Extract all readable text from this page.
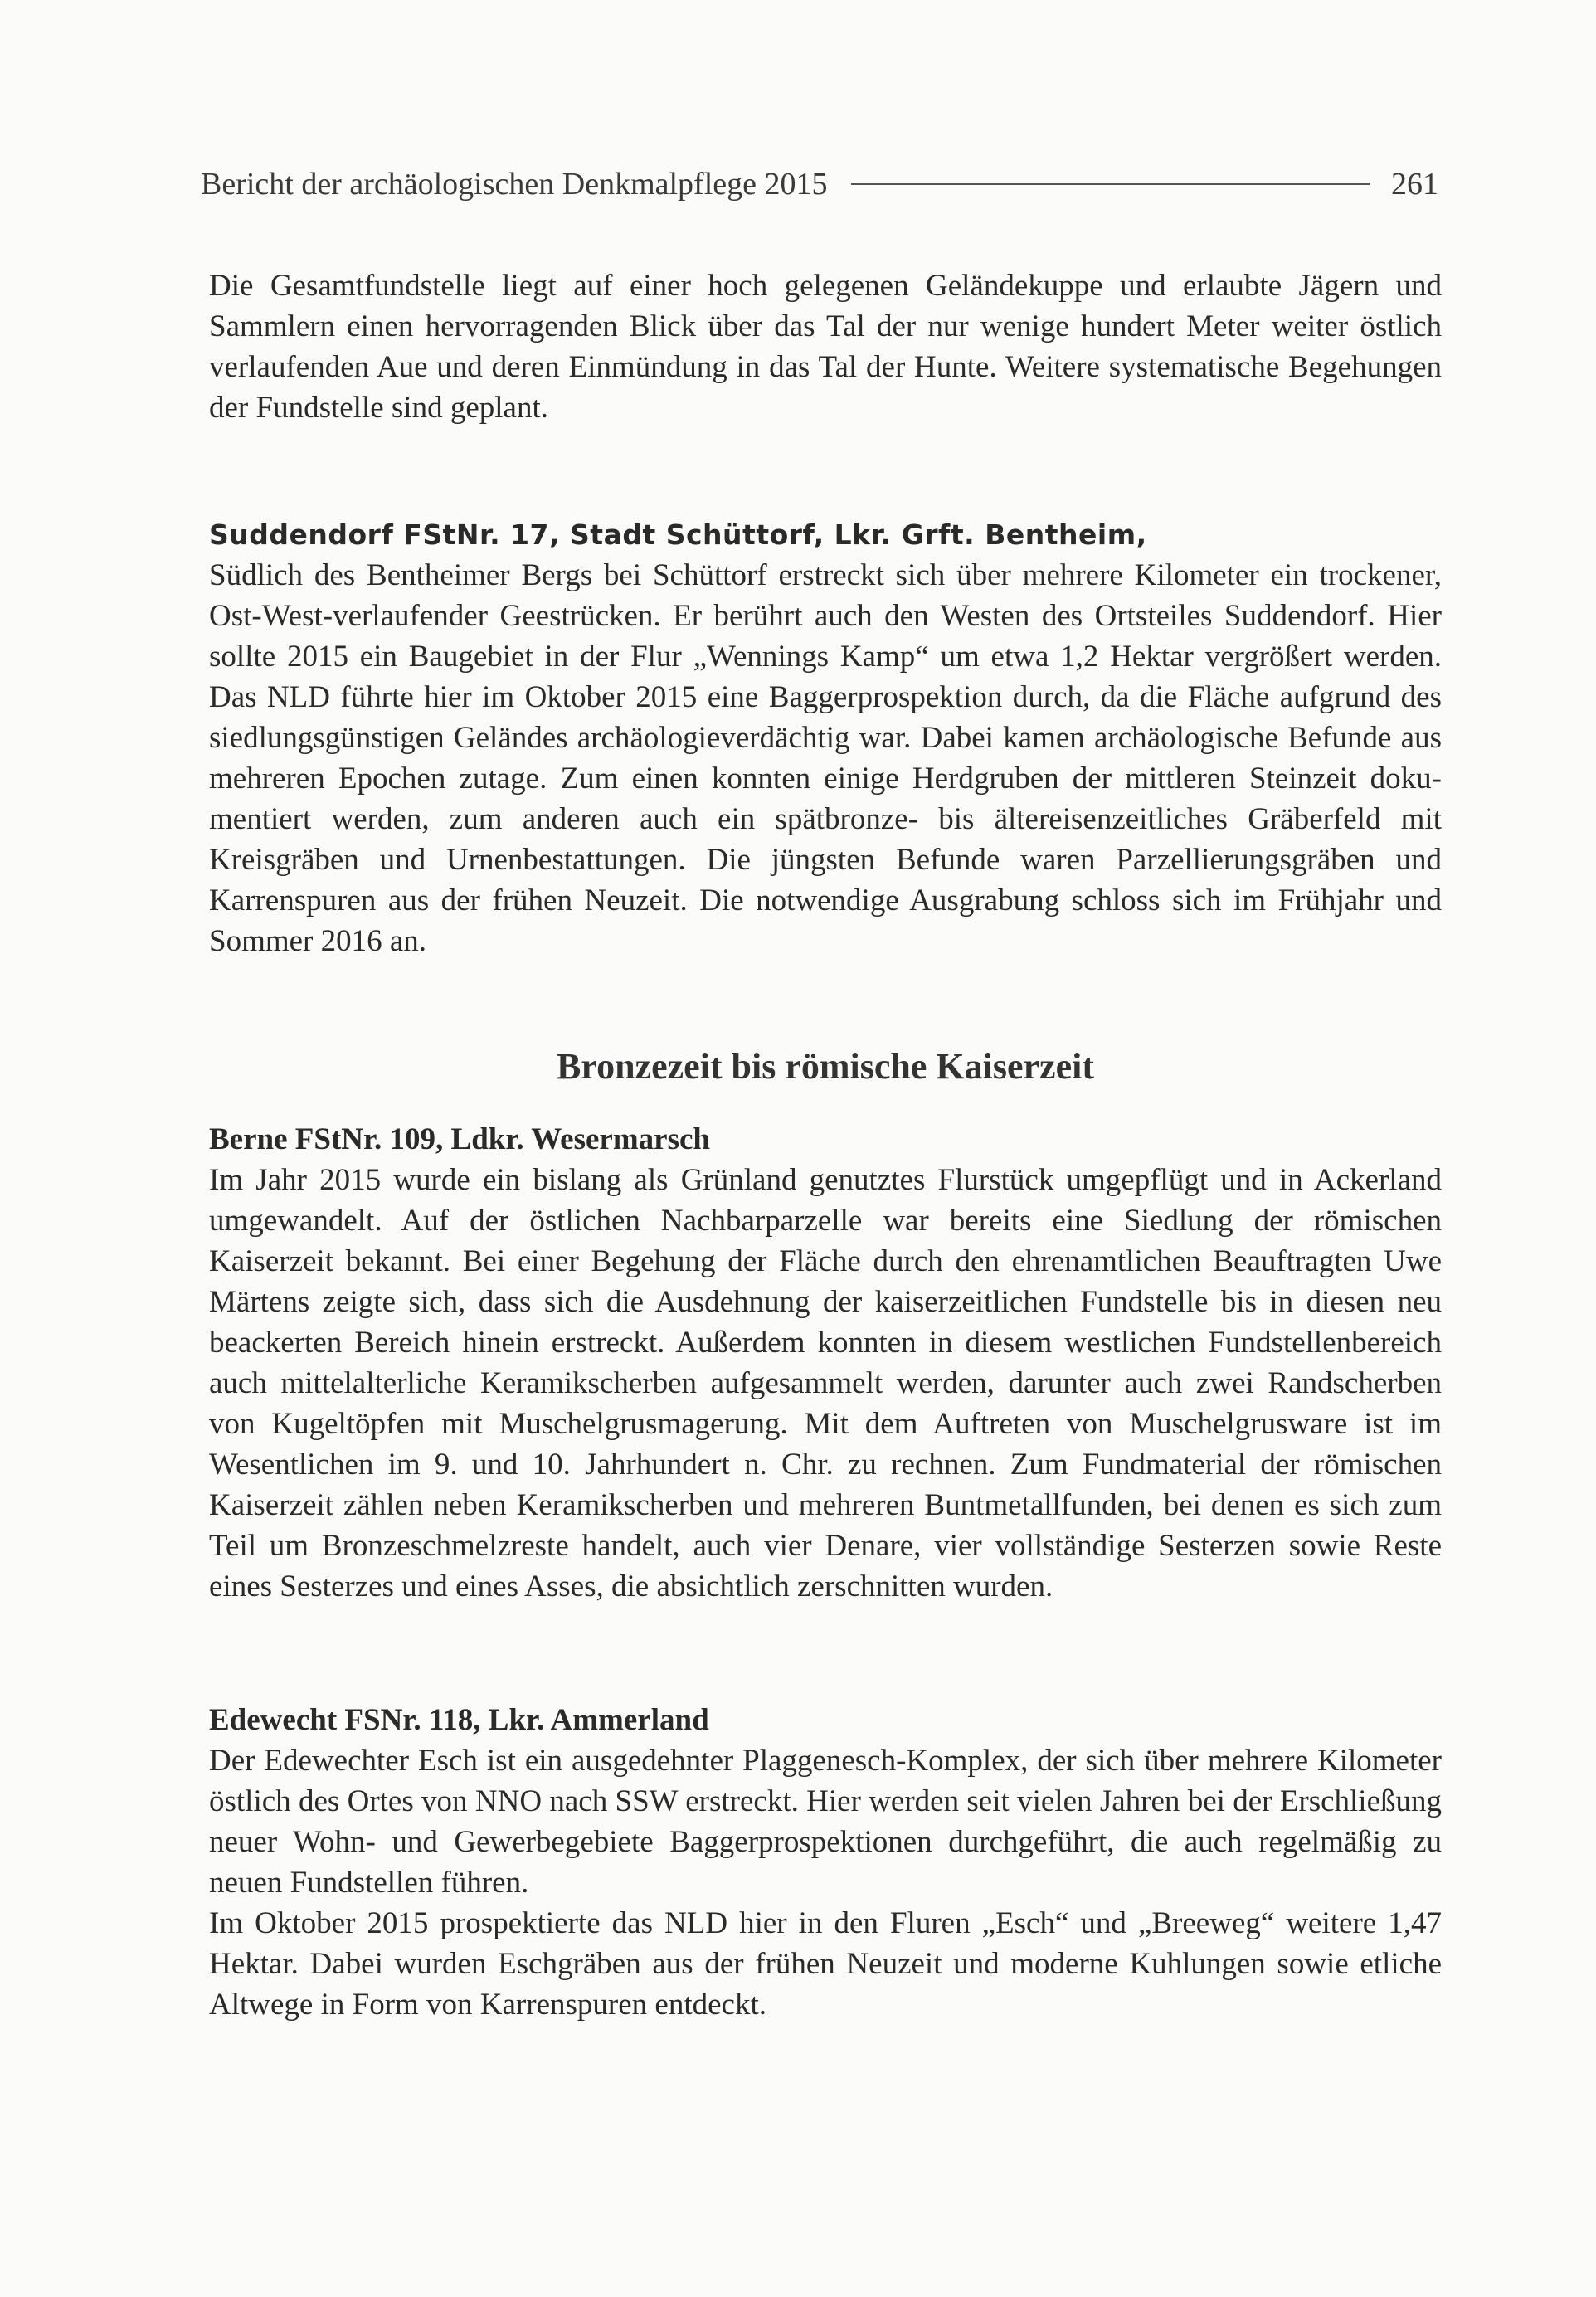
Bericht der archäologischen Denkmalpflege 2015	261

Die Gesamtfundstelle liegt auf einer hoch gelegenen Geländekuppe und erlaubte Jägern und Sammlern einen hervorragenden Blick über das Tal der nur wenige hundert Meter weiter östlich verlaufenden Aue und deren Einmündung in das Tal der Hunte. Weitere systematische Begehungen der Fundstelle sind geplant.

Suddendorf FStNr. 17, Stadt Schüttorf, Lkr. Grft. Bentheim,

Südlich des Bentheimer Bergs bei Schüttorf erstreckt sich über mehrere Kilometer ein trockener, Ost-West-verlaufender Geestrücken. Er berührt auch den Westen des Ortsteiles Suddendorf. Hier sollte 2015 ein Baugebiet in der Flur „Wennings Kamp“ um etwa 1,2 Hektar vergrößert werden. Das NLD führte hier im Oktober 2015 eine Baggerprospektion durch, da die Fläche aufgrund des siedlungsgünstigen Geländes archäologieverdächtig war. Dabei kamen archäologische Befunde aus mehreren Epochen zutage. Zum einen konnten einige Herdgruben der mittleren Steinzeit dokumentiert werden, zum anderen auch ein spätbronze- bis ältereisenzeitliches Gräberfeld mit Kreisgräben und Urnenbestattungen. Die jüngsten Befunde waren Parzellierungsgräben und Karrenspuren aus der frühen Neuzeit. Die notwendige Ausgrabung schloss sich im Frühjahr und Sommer 2016 an.

Bronzezeit bis römische Kaiserzeit

Berne FStNr. 109, Ldkr. Wesermarsch

Im Jahr 2015 wurde ein bislang als Grünland genutztes Flurstück umgepflügt und in Ackerland umgewandelt. Auf der östlichen Nachbarparzelle war bereits eine Siedlung der römischen Kaiserzeit bekannt. Bei einer Begehung der Fläche durch den ehrenamtlichen Beauftragten Uwe Märtens zeigte sich, dass sich die Ausdehnung der kaiserzeitlichen Fundstelle bis in diesen neu beackerten Bereich hinein erstreckt. Außerdem konnten in diesem westlichen Fundstellenbereich auch mittelalterliche Keramikscherben aufgesammelt werden, darunter auch zwei Randscherben von Kugeltöpfen mit Muschelgrusmagerung. Mit dem Auftreten von Muschelgrusware ist im Wesentlichen im 9. und 10. Jahrhundert n. Chr. zu rechnen. Zum Fundmaterial der römischen Kaiserzeit zählen neben Keramikscherben und mehreren Buntmetallfunden, bei denen es sich zum Teil um Bronzeschmelzreste handelt, auch vier Denare, vier vollständige Sesterzen sowie Reste eines Sesterzes und eines Asses, die absichtlich zerschnitten wurden.

Edewecht FSNr. 118, Lkr. Ammerland

Der Edewechter Esch ist ein ausgedehnter Plaggenesch-Komplex, der sich über mehrere Kilometer östlich des Ortes von NNO nach SSW erstreckt. Hier werden seit vielen Jahren bei der Erschließung neuer Wohn- und Gewerbegebiete Baggerprospektionen durchgeführt, die auch regelmäßig zu neuen Fundstellen führen.

Im Oktober 2015 prospektierte das NLD hier in den Fluren „Esch“ und „Breeweg“ weitere 1,47 Hektar. Dabei wurden Eschgräben aus der frühen Neuzeit und moderne Kuhlungen sowie etliche Altwege in Form von Karrenspuren entdeckt.
